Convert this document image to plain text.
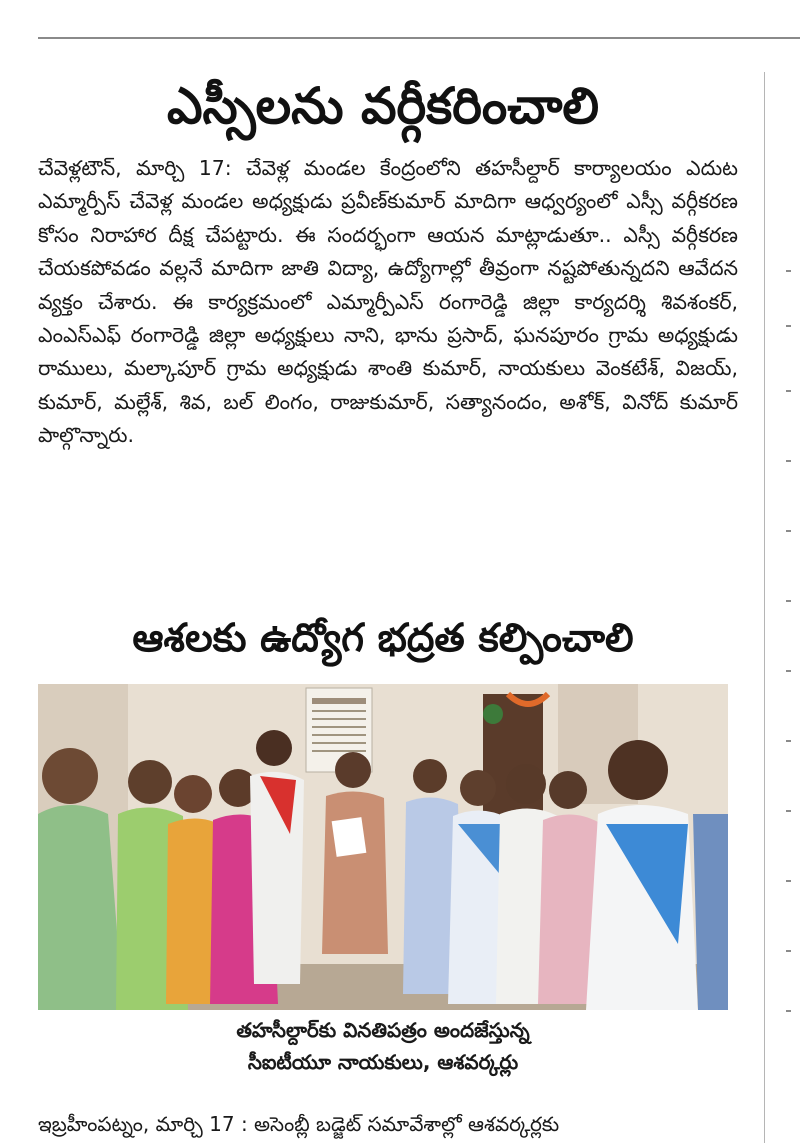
ఎస్సీలను వర్గీకరించాలి

చేవెళ్లటౌన్, మార్చి 17: చేవెళ్ల మండల కేంద్రంలోని తహసీల్దార్ కార్యాలయం ఎదుట ఎమ్మార్పీస్ చేవెళ్ల మండల అధ్యక్షుడు ప్రవీణ్‌కుమార్ మాదిగా ఆధ్వర్యంలో ఎస్సీ వర్గీకరణ కోసం నిరాహార దీక్ష చేపట్టారు. ఈ సందర్భంగా ఆయన మాట్లాడుతూ.. ఎస్సీ వర్గీకరణ చేయకపోవడం వల్లనే మాదిగా జాతి విద్యా, ఉద్యోగాల్లో తీవ్రంగా నష్టపోతున్నదని ఆవేదన వ్యక్తం చేశారు. ఈ కార్యక్రమంలో ఎమ్మార్పీఎస్ రంగారెడ్డి జిల్లా కార్యదర్శి శివశంకర్, ఎంఎస్‌ఎఫ్ రంగారెడ్డి జిల్లా అధ్యక్షులు నాని, భాను ప్రసాద్, ఘనపూరం గ్రామ అధ్యక్షుడు రాములు, మల్కాపూర్ గ్రామ అధ్యక్షుడు శాంతి కుమార్, నాయకులు వెంకటేశ్, విజయ్, కుమార్, మల్లేశ్, శివ, బల్ లింగం, రాజుకుమార్, సత్యానందం, అశోక్, వినోద్ కుమార్ పాల్గొన్నారు.

ఆశలకు ఉద్యోగ భద్రత కల్పించాలి
తహసీల్దార్‌కు వినతిపత్రం అందజేస్తున్న
సీఐటీయూ నాయకులు, ఆశవర్కర్లు
ఇబ్రహీంపట్నం, మార్చి 17 : అసెంబ్లీ బడ్జెట్ సమావేశాల్లో ఆశవర్కర్లకు
